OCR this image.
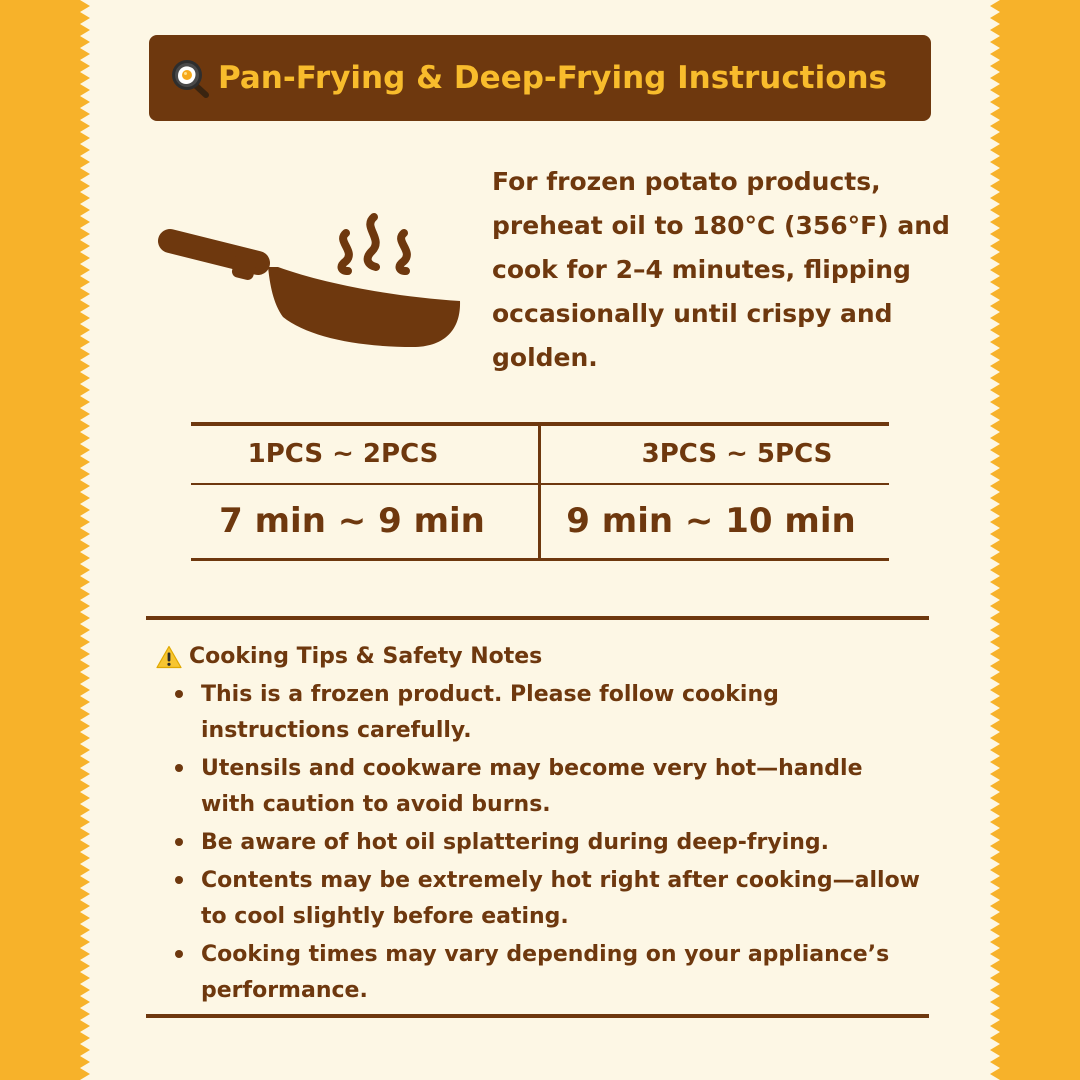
Pan-Frying & Deep-Frying Instructions
For frozen potato products, preheat oil to 180°C (356°F) and cook for 2–4 minutes, flipping occasionally until crispy and golden.
1PCS ~ 2PCS	3PCS ~ 5PCS
7 min ~ 9 min	9 min ~ 10 min
Cooking Tips & Safety Notes
This is a frozen product. Please follow cooking instructions carefully.
Utensils and cookware may become very hot—handle with caution to avoid burns.
Be aware of hot oil splattering during deep-frying.
Contents may be extremely hot right after cooking—allow to cool slightly before eating.
Cooking times may vary depending on your appliance’s performance.
